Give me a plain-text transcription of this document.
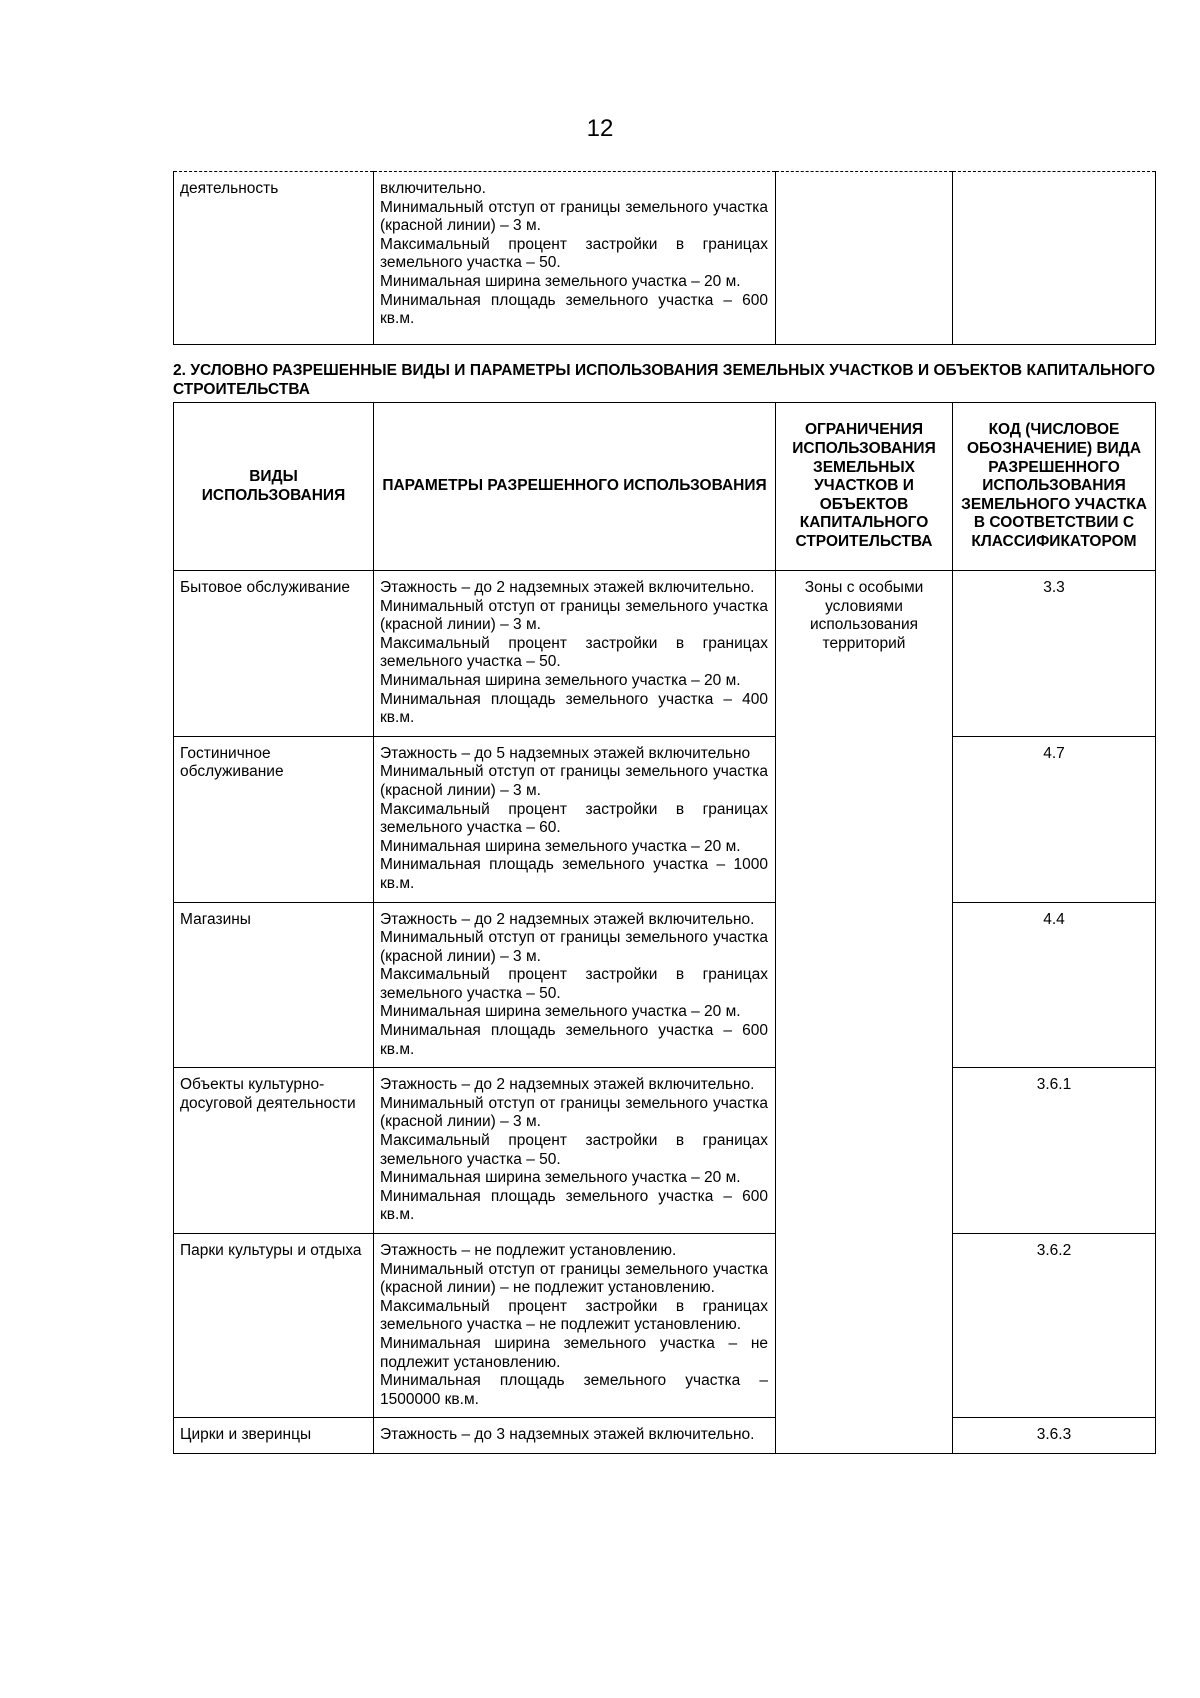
12
деятельность	включительно.
Минимальный отступ от границы земельного участка (красной линии) – 3 м.
Максимальный процент застройки в границах земельного участка – 50.
Минимальная ширина земельного участка – 20 м.
Минимальная площадь земельного участка – 600 кв.м.

2. УСЛОВНО РАЗРЕШЕННЫЕ ВИДЫ И ПАРАМЕТРЫ ИСПОЛЬЗОВАНИЯ ЗЕМЕЛЬНЫХ УЧАСТКОВ И ОБЪЕКТОВ КАПИТАЛЬНОГО СТРОИТЕЛЬСТВА
ВИДЫ ИСПОЛЬЗОВАНИЯ	ПАРАМЕТРЫ РАЗРЕШЕННОГО ИСПОЛЬЗОВАНИЯ	ОГРАНИЧЕНИЯ ИСПОЛЬЗОВАНИЯ ЗЕМЕЛЬНЫХ УЧАСТКОВ И ОБЪЕКТОВ КАПИТАЛЬНОГО СТРОИТЕЛЬСТВА	КОД (ЧИСЛОВОЕ ОБОЗНАЧЕНИЕ) ВИДА РАЗРЕШЕННОГО ИСПОЛЬЗОВАНИЯ ЗЕМЕЛЬНОГО УЧАСТКА В СООТВЕТСТВИИ С КЛАССИФИКАТОРОМ
Бытовое обслуживание	Этажность – до 2 надземных этажей включительно.
Минимальный отступ от границы земельного участка (красной линии) – 3 м.
Максимальный процент застройки в границах земельного участка – 50.
Минимальная ширина земельного участка – 20 м.
Минимальная площадь земельного участка – 400 кв.м.	Зоны с особыми условиями использования территорий	3.3
Гостиничное обслуживание	Этажность – до 5 надземных этажей включительно
Минимальный отступ от границы земельного участка (красной линии) – 3 м.
Максимальный процент застройки в границах земельного участка – 60.
Минимальная ширина земельного участка – 20 м.
Минимальная площадь земельного участка – 1000 кв.м.		4.7
Магазины	Этажность – до 2 надземных этажей включительно.
Минимальный отступ от границы земельного участка (красной линии) – 3 м.
Максимальный процент застройки в границах земельного участка – 50.
Минимальная ширина земельного участка – 20 м.
Минимальная площадь земельного участка – 600 кв.м.		4.4
Объекты культурно-досуговой деятельности	Этажность – до 2 надземных этажей включительно.
Минимальный отступ от границы земельного участка (красной линии) – 3 м.
Максимальный процент застройки в границах земельного участка – 50.
Минимальная ширина земельного участка – 20 м.
Минимальная площадь земельного участка – 600 кв.м.		3.6.1
Парки культуры и отдыха	Этажность – не подлежит установлению.
Минимальный отступ от границы земельного участка (красной линии) – не подлежит установлению.
Максимальный процент застройки в границах земельного участка – не подлежит установлению.
Минимальная ширина земельного участка – не подлежит установлению.
Минимальная площадь земельного участка – 1500000 кв.м.		3.6.2
Цирки и зверинцы	Этажность – до 3 надземных этажей включительно.		3.6.3
